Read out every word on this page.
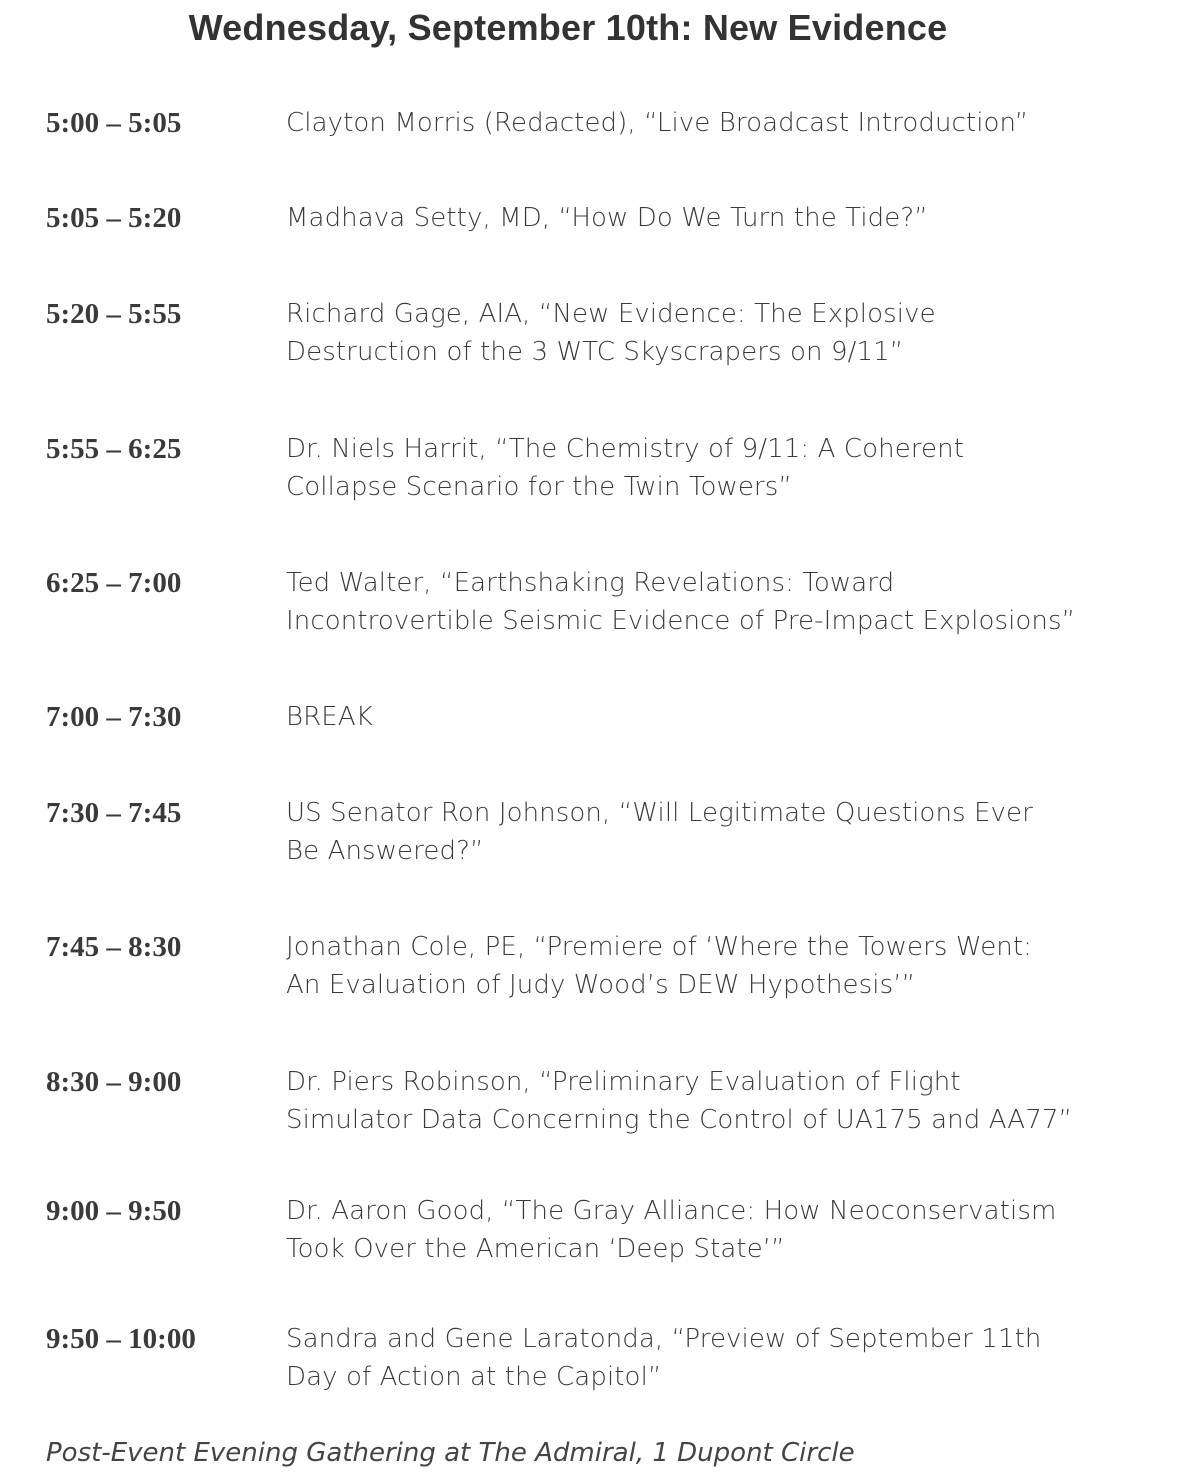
Wednesday, September 10th: New Evidence
5:00 – 5:05	Clayton Morris (Redacted), “Live Broadcast Introduction”
5:05 – 5:20	Madhava Setty, MD, “How Do We Turn the Tide?”
5:20 – 5:55	Richard Gage, AIA, “New Evidence: The Explosive
Destruction of the 3 WTC Skyscrapers on 9/11”
5:55 – 6:25	Dr. Niels Harrit, “The Chemistry of 9/11: A Coherent
Collapse Scenario for the Twin Towers”
6:25 – 7:00	Ted Walter, “Earthshaking Revelations: Toward
Incontrovertible Seismic Evidence of Pre-Impact Explosions”
7:00 – 7:30	BREAK
7:30 – 7:45	US Senator Ron Johnson, “Will Legitimate Questions Ever
Be Answered?”
7:45 – 8:30	Jonathan Cole, PE, “Premiere of ‘Where the Towers Went:
An Evaluation of Judy Wood’s DEW Hypothesis’”
8:30 – 9:00	Dr. Piers Robinson, “Preliminary Evaluation of Flight
Simulator Data Concerning the Control of UA175 and AA77”
9:00 – 9:50	Dr. Aaron Good, “The Gray Alliance: How Neoconservatism
Took Over the American ‘Deep State’”
9:50 – 10:00	Sandra and Gene Laratonda, “Preview of September 11th
Day of Action at the Capitol”
Post-Event Evening Gathering at The Admiral, 1 Dupont Circle
